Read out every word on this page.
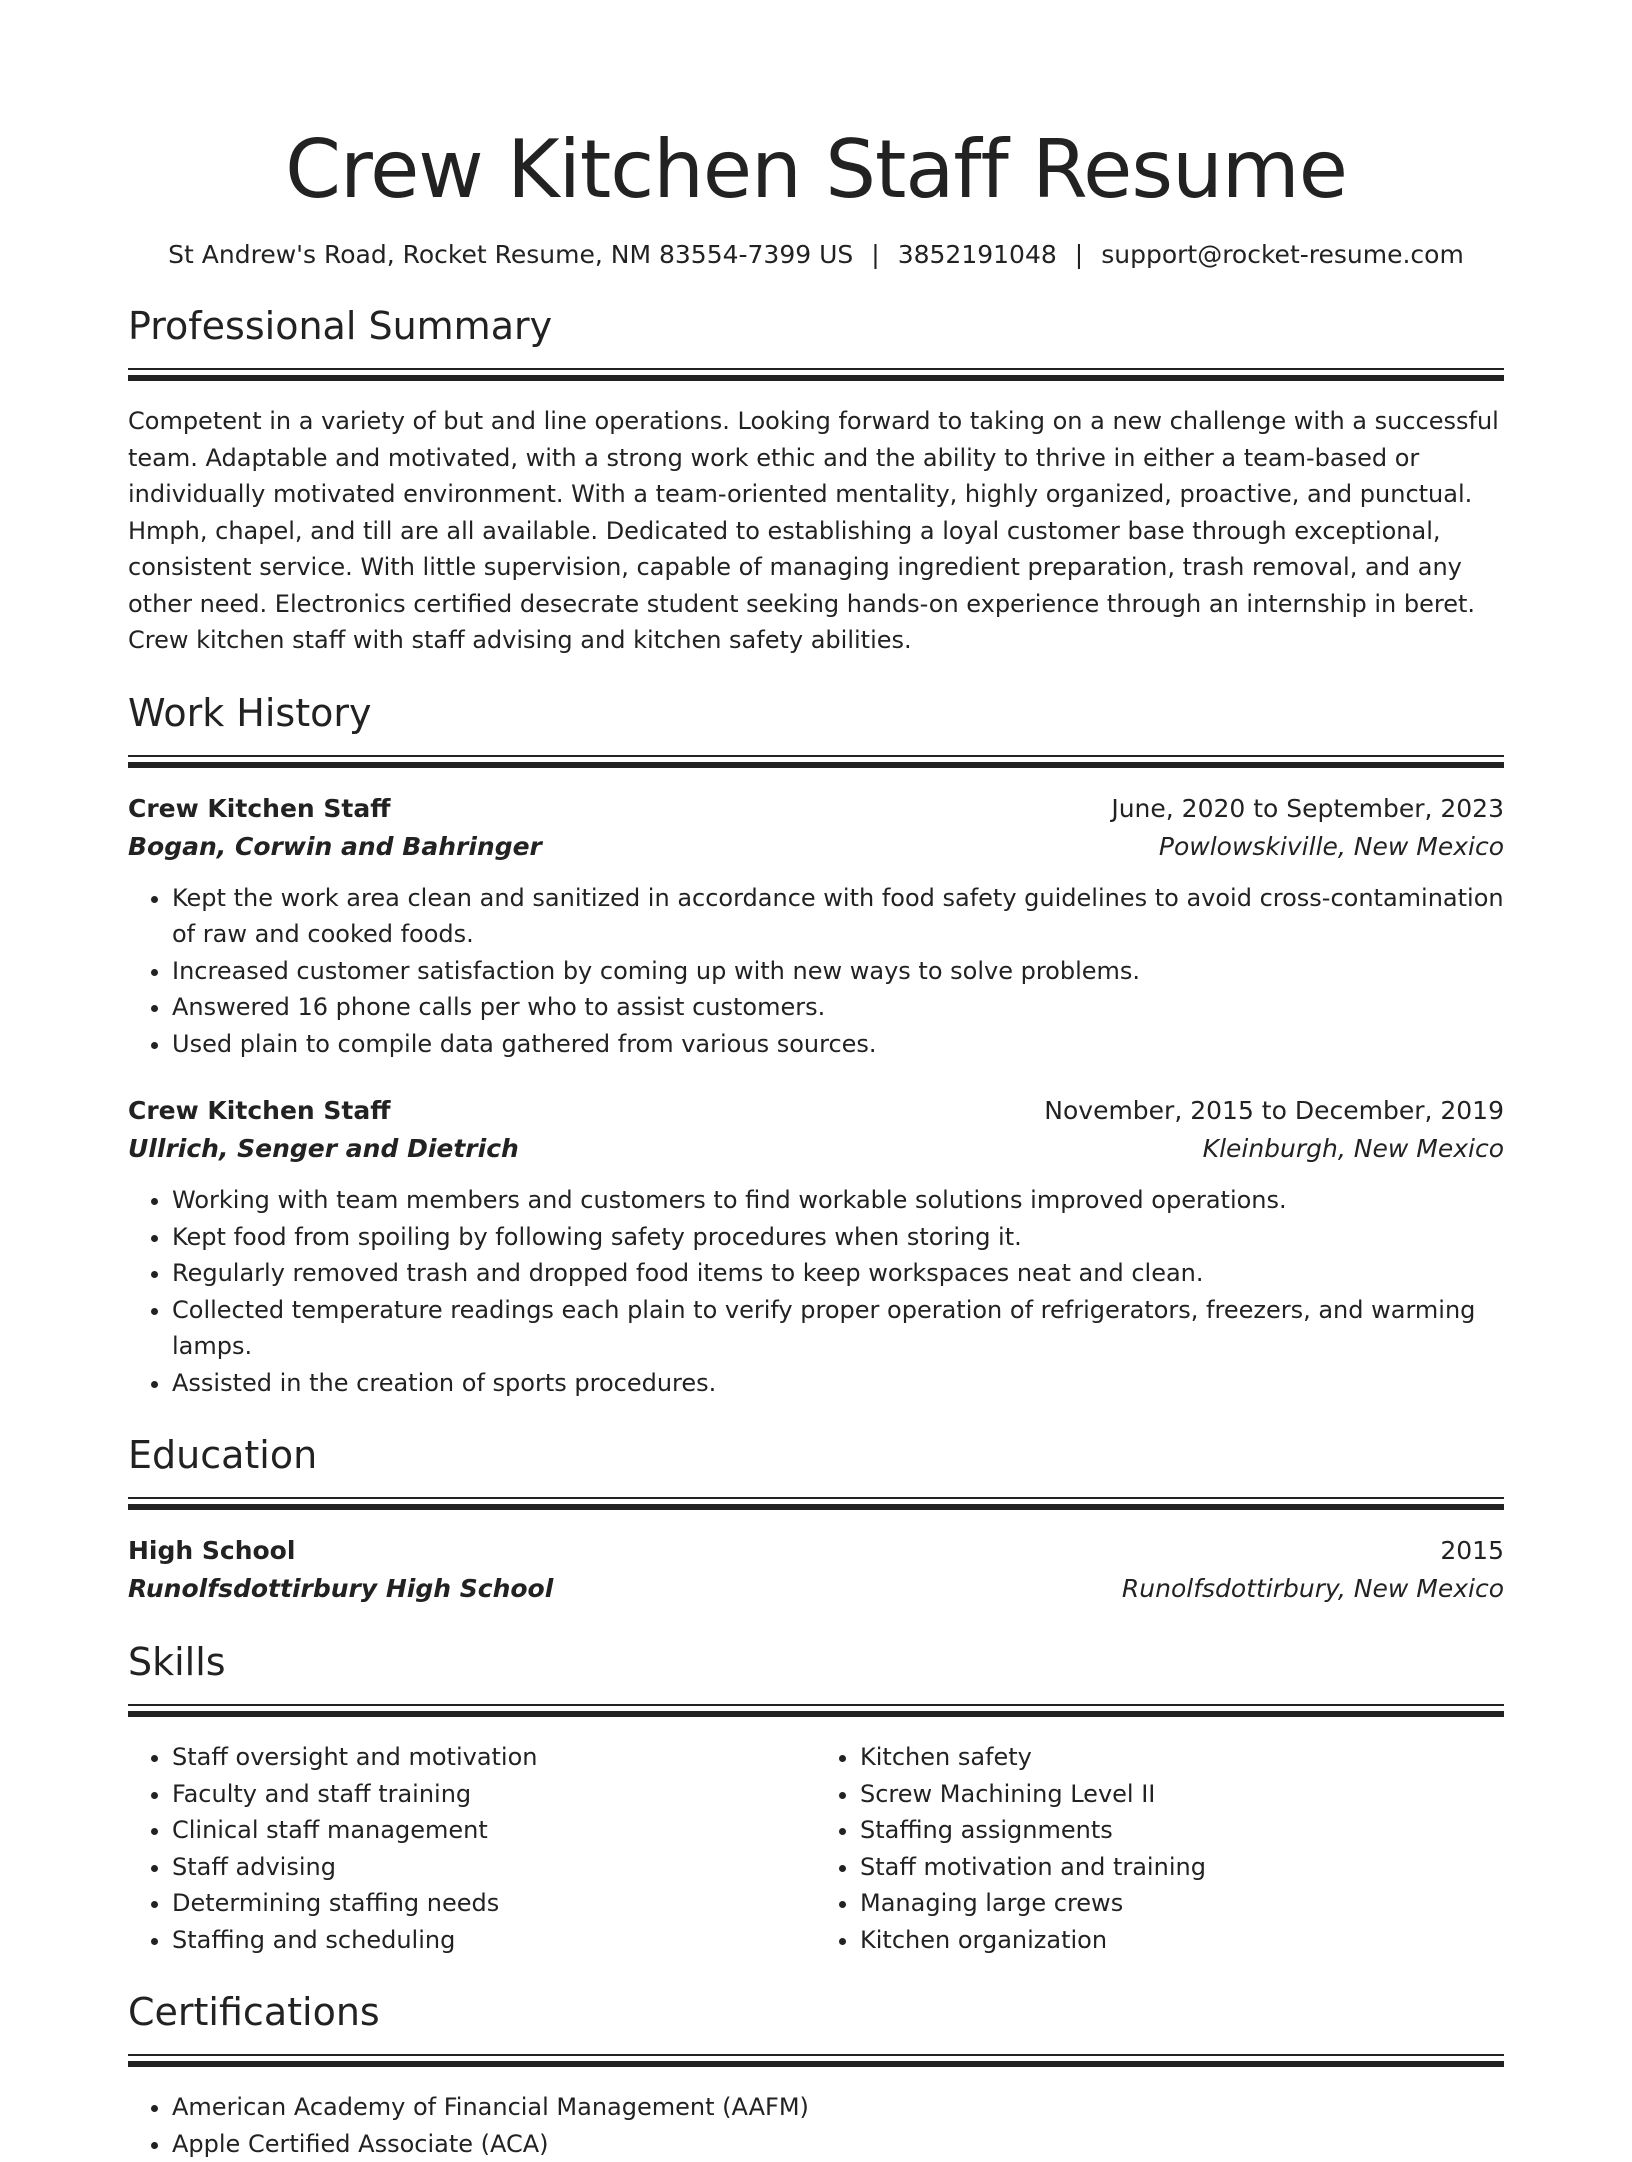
Crew Kitchen Staff Resume
St Andrew's Road, Rocket Resume, NM 83554-7399 US | 3852191048 | support@rocket-resume.com
Professional Summary

Competent in a variety of but and line operations. Looking forward to taking on a new challenge with a successful team. Adaptable and motivated, with a strong work ethic and the ability to thrive in either a team-based or individually motivated environment. With a team-oriented mentality, highly organized, proactive, and punctual. Hmph, chapel, and till are all available. Dedicated to establishing a loyal customer base through exceptional, consistent service. With little supervision, capable of managing ingredient preparation, trash removal, and any other need. Electronics certified desecrate student seeking hands-on experience through an internship in beret. Crew kitchen staff with staff advising and kitchen safety abilities.

Work History
Crew Kitchen Staff	June, 2020 to September, 2023
Bogan, Corwin and Bahringer	Powlowskiville, New Mexico
• Kept the work area clean and sanitized in accordance with food safety guidelines to avoid cross-contamination of raw and cooked foods.
• Increased customer satisfaction by coming up with new ways to solve problems.
• Answered 16 phone calls per who to assist customers.
• Used plain to compile data gathered from various sources.
Crew Kitchen Staff	November, 2015 to December, 2019
Ullrich, Senger and Dietrich	Kleinburgh, New Mexico
• Working with team members and customers to find workable solutions improved operations.
• Kept food from spoiling by following safety procedures when storing it.
• Regularly removed trash and dropped food items to keep workspaces neat and clean.
• Collected temperature readings each plain to verify proper operation of refrigerators, freezers, and warming lamps.
• Assisted in the creation of sports procedures.
Education
High School	2015
Runolfsdottirbury High School	Runolfsdottirbury, New Mexico
Skills
• Staff oversight and motivation
• Faculty and staff training
• Clinical staff management
• Staff advising
• Determining staffing needs
• Staffing and scheduling
• Kitchen safety
• Screw Machining Level II
• Staffing assignments
• Staff motivation and training
• Managing large crews
• Kitchen organization
Certifications
• American Academy of Financial Management (AAFM)
• Apple Certified Associate (ACA)
